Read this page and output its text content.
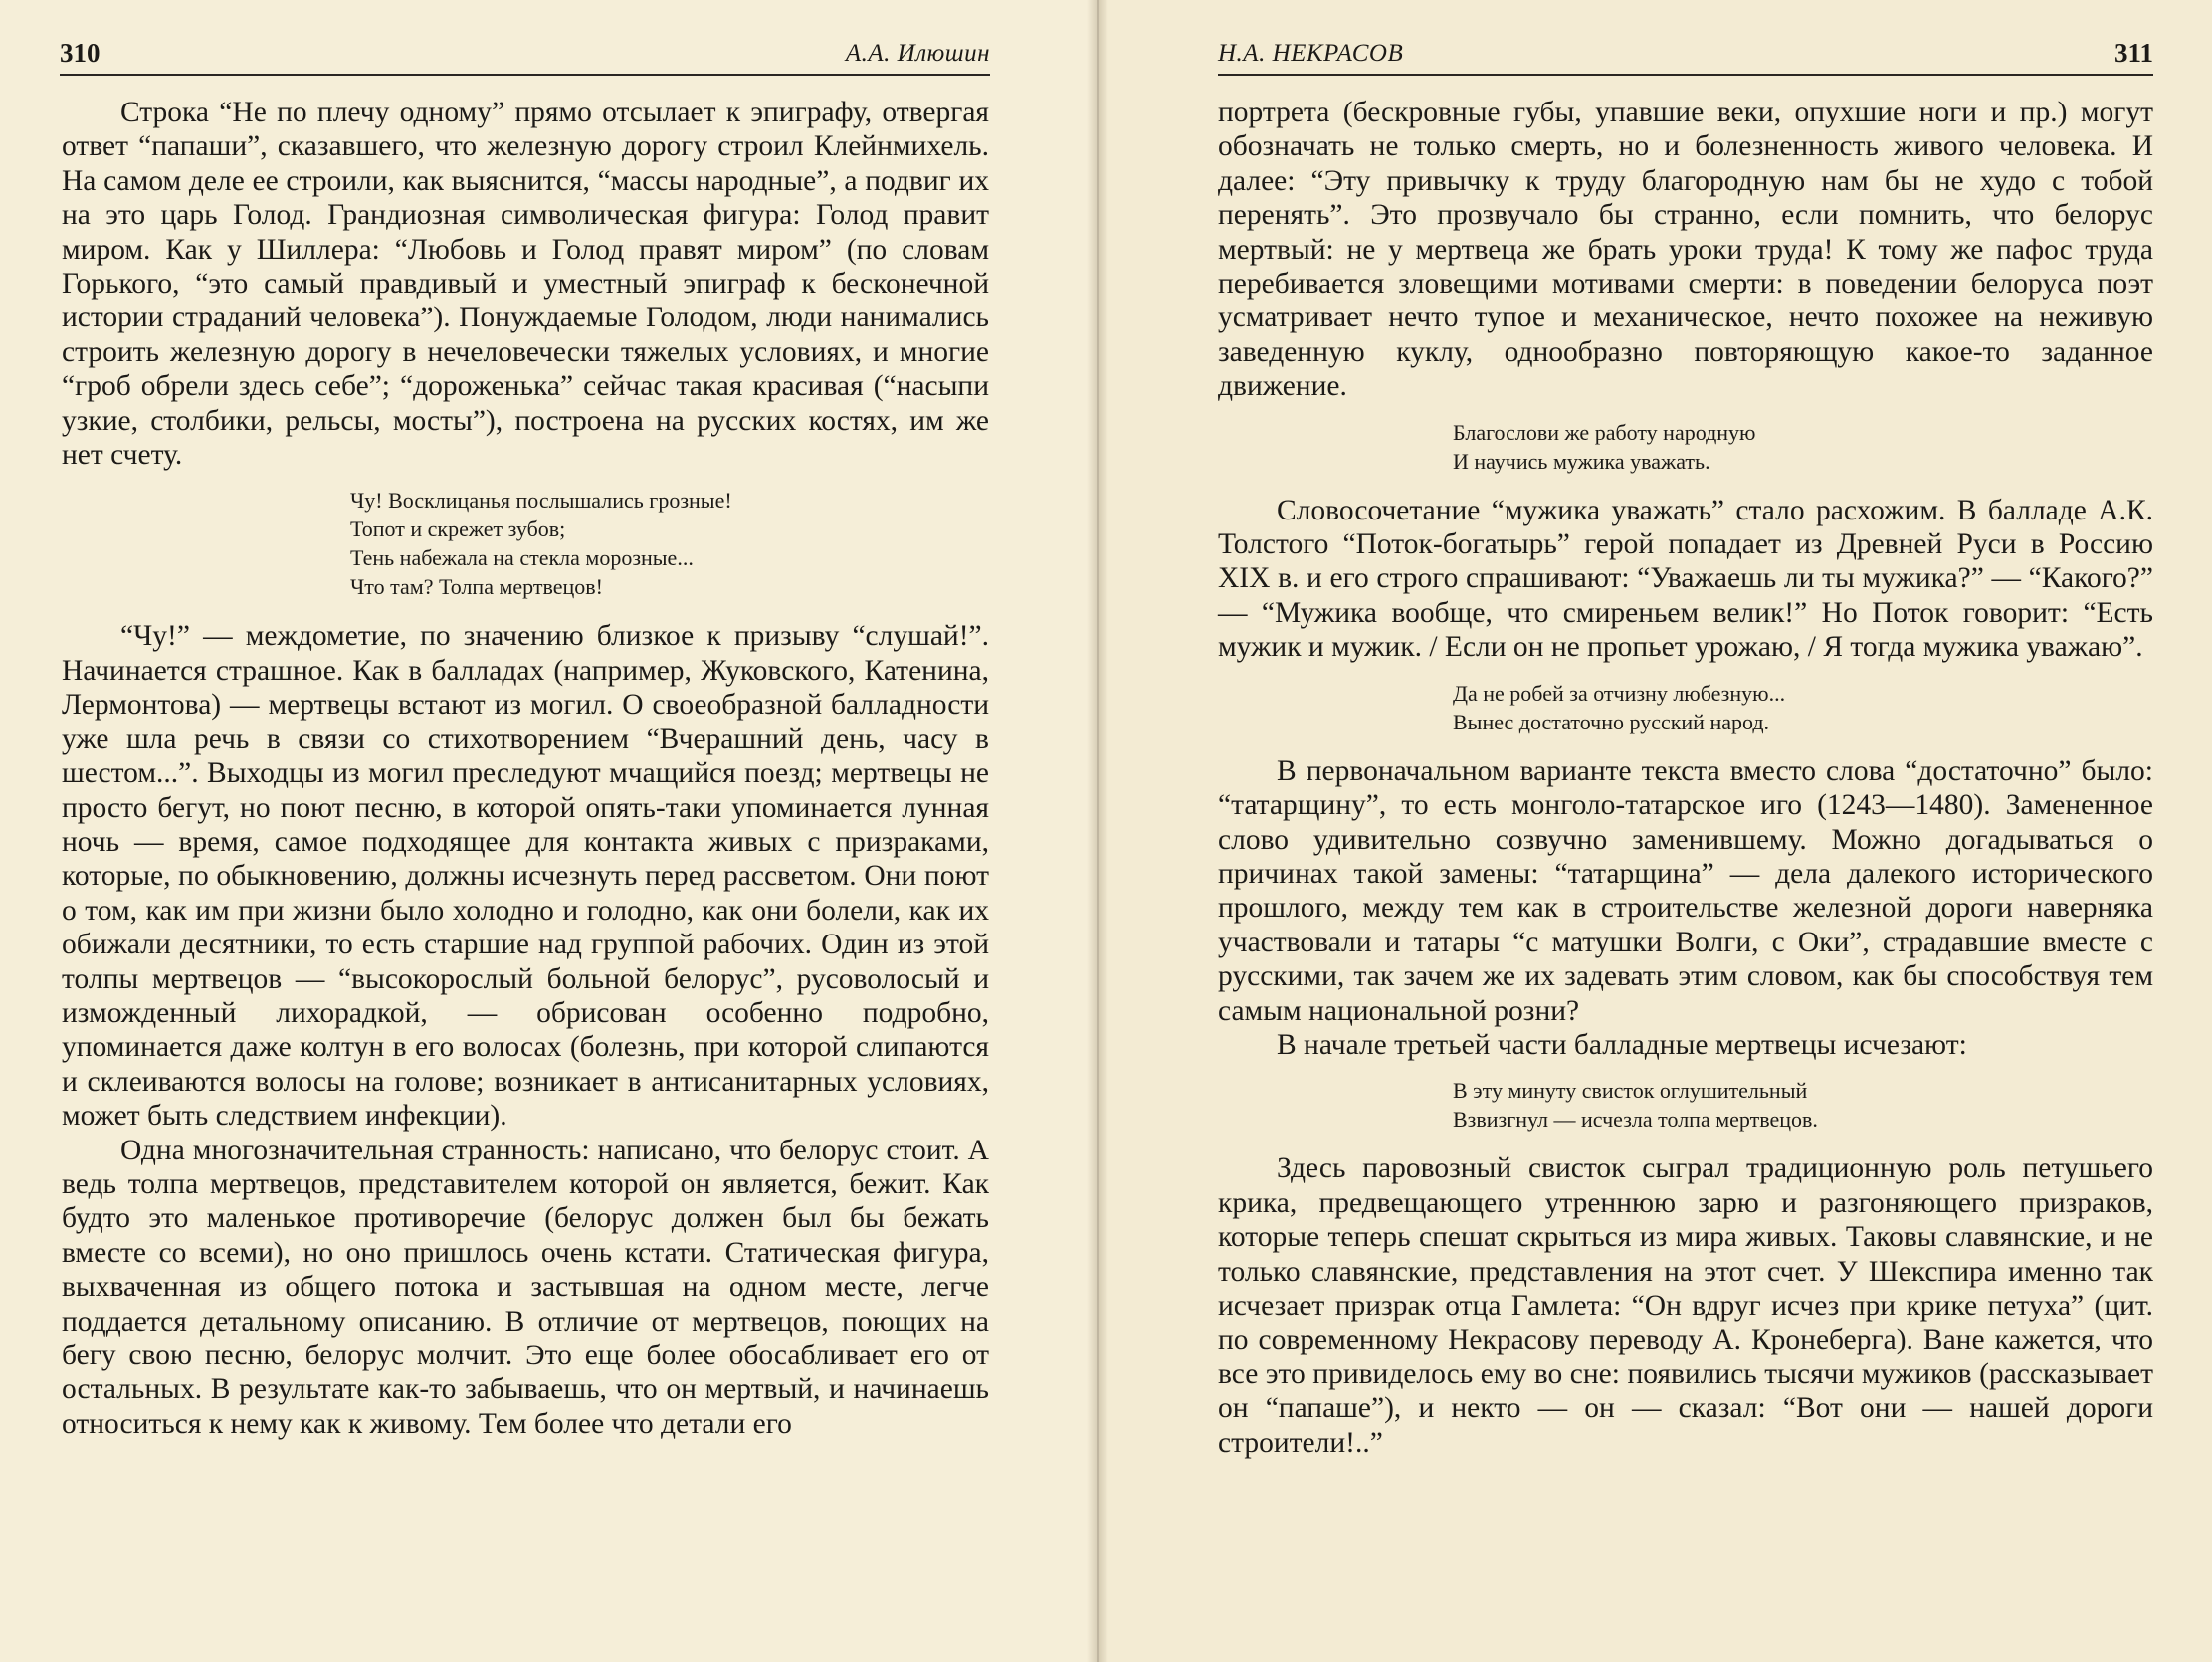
310	А.А. Илюшин

Строка “Не по плечу одному” прямо отсылает к эпиграфу, отвергая ответ “папаши”, сказавшего, что железную дорогу строил Клейнмихель. На самом деле ее строили, как выяснится, “массы народные”, а подвиг их на это царь Голод. Грандиозная символическая фигура: Голод правит миром. Как у Шиллера: “Любовь и Голод правят миром” (по словам Горького, “это самый правдивый и уместный эпиграф к бесконечной истории страданий человека”). Понуждаемые Голодом, люди нанимались строить железную дорогу в нечеловечески тяжелых условиях, и многие “гроб обрели здесь себе”; “дороженька” сейчас такая красивая (“насыпи узкие, столбики, рельсы, мосты”), построена на русских костях, им же нет счету.

Чу! Восклицанья послышались грозные!
Топот и скрежет зубов;
Тень набежала на стекла морозные...
Что там? Толпа мертвецов!

“Чу!” — междометие, по значению близкое к призыву “слушай!”. Начинается страшное. Как в балладах (например, Жуковского, Катенина, Лермонтова) — мертвецы встают из могил. О своеобразной балладности уже шла речь в связи со стихотворением “Вчерашний день, часу в шестом...”. Выходцы из могил преследуют мчащийся поезд; мертвецы не просто бегут, но поют песню, в которой опять-таки упоминается лунная ночь — время, самое подходящее для контакта живых с призраками, которые, по обыкновению, должны исчезнуть перед рассветом. Они поют о том, как им при жизни было холодно и голодно, как они болели, как их обижали десятники, то есть старшие над группой рабочих. Один из этой толпы мертвецов — “высокорослый больной белорус”, русоволосый и изможденный лихорадкой, — обрисован особенно подробно, упоминается даже колтун в его волосах (болезнь, при которой слипаются и склеиваются волосы на голове; возникает в антисанитарных условиях, может быть следствием инфекции).

Одна многозначительная странность: написано, что белорус стоит. А ведь толпа мертвецов, представителем которой он является, бежит. Как будто это маленькое противоречие (белорус должен был бы бежать вместе со всеми), но оно пришлось очень кстати. Статическая фигура, выхваченная из общего потока и застывшая на одном месте, легче поддается детальному описанию. В отличие от мертвецов, поющих на бегу свою песню, белорус молчит. Это еще более обосабливает его от остальных. В результате как-то забываешь, что он мертвый, и начинаешь относиться к нему как к живому. Тем более что детали его

Н.А. НЕКРАСОВ	311

портрета (бескровные губы, упавшие веки, опухшие ноги и пр.) могут обозначать не только смерть, но и болезненность живого человека. И далее: “Эту привычку к труду благородную нам бы не худо с тобой перенять”. Это прозвучало бы странно, если помнить, что белорус мертвый: не у мертвеца же брать уроки труда! К тому же пафос труда перебивается зловещими мотивами смерти: в поведении белоруса поэт усматривает нечто тупое и механическое, нечто похожее на неживую заведенную куклу, однообразно повторяющую какое-то заданное движение.

Благослови же работу народную
И научись мужика уважать.

Словосочетание “мужика уважать” стало расхожим. В балладе А.К. Толстого “Поток-богатырь” герой попадает из Древней Руси в Россию XIX в. и его строго спрашивают: “Уважаешь ли ты мужика?” — “Какого?” — “Мужика вообще, что смиреньем велик!” Но Поток говорит: “Есть мужик и мужик. / Если он не пропьет урожаю, / Я тогда мужика уважаю”.

Да не робей за отчизну любезную...
Вынес достаточно русский народ.

В первоначальном варианте текста вместо слова “достаточно” было: “татарщину”, то есть монголо-татарское иго (1243—1480). Замененное слово удивительно созвучно заменившему. Можно догадываться о причинах такой замены: “татарщина” — дела далекого исторического прошлого, между тем как в строительстве железной дороги наверняка участвовали и татары “с матушки Волги, с Оки”, страдавшие вместе с русскими, так зачем же их задевать этим словом, как бы способствуя тем самым национальной розни?

В начале третьей части балладные мертвецы исчезают:

В эту минуту свисток оглушительный
Взвизгнул — исчезла толпа мертвецов.

Здесь паровозный свисток сыграл традиционную роль петушьего крика, предвещающего утреннюю зарю и разгоняющего призраков, которые теперь спешат скрыться из мира живых. Таковы славянские, и не только славянские, представления на этот счет. У Шекспира именно так исчезает призрак отца Гамлета: “Он вдруг исчез при крике петуха” (цит. по современному Некрасову переводу А. Кронеберга). Ване кажется, что все это привиделось ему во сне: появились тысячи мужиков (рассказывает он “папаше”), и некто — он — сказал: “Вот они — нашей дороги строители!..”
